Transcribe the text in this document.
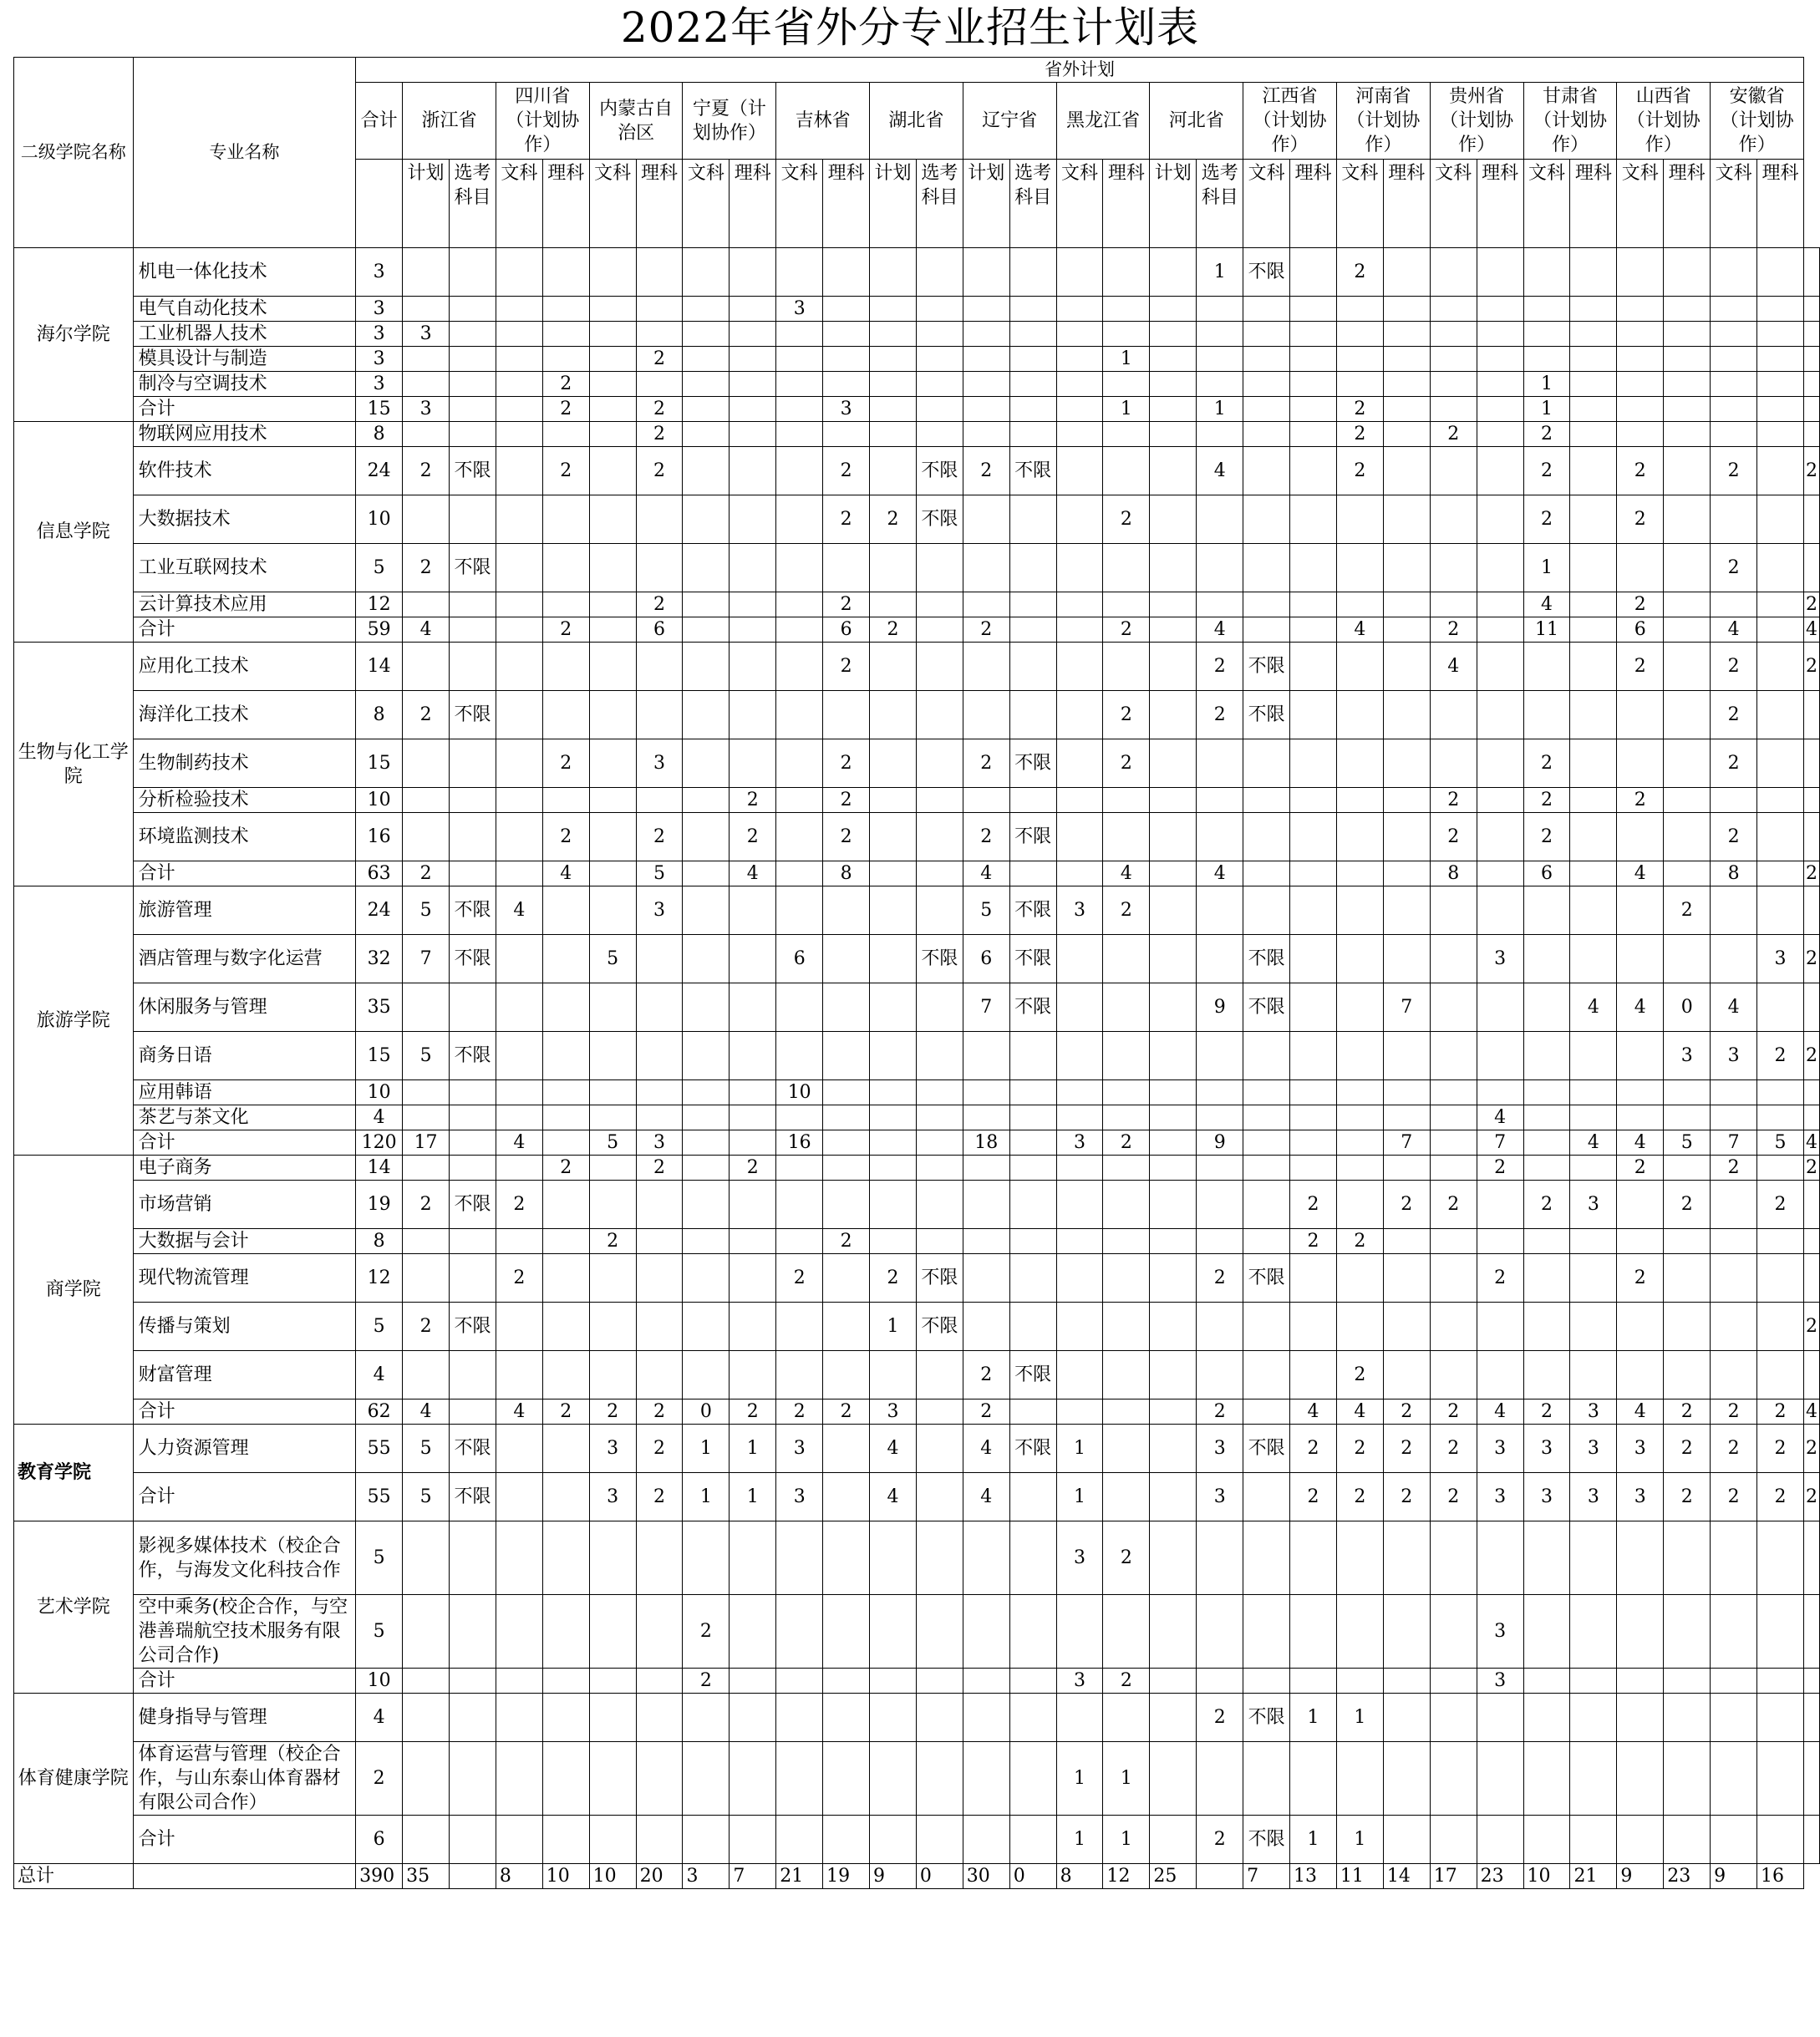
2022年省外分专业招生计划表
二级学院名称	专业名称	省外计划																															
		合计	浙江省		四川省（计划协作）		内蒙古自治区		宁夏（计划协作）		吉林省		湖北省		辽宁省		黑龙江省		河北省		江西省（计划协作）		河南省（计划协作）		贵州省（计划协作）		甘肃省（计划协作）		山西省（计划协作）		安徽省（计划协作）		
			计划	选考科目	文科	理科	文科	理科	文科	理科	文科	理科	计划	选考科目	计划	选考科目	文科	理科	计划	选考科目	文科	理科	文科	理科	文科	理科	文科	理科	文科	理科	文科	理科	
海尔学院	机电一体化技术	3																		1	不限		2										
	电气自动化技术	3									3																						
	工业机器人技术	3	3																														
	模具设计与制造	3						2										1															
	制冷与空调技术	3				2																					1						
	合计	15	3			2		2				3						1		1			2				1						
信息学院	物联网应用技术	8						2															2		2		2						
	软件技术	24	2	不限		2		2				2		不限	2	不限				4			2				2		2		2		2
	大数据技术	10										2	2	不限				2									2		2				
	工业互联网技术	5	2	不限																							1				2		
	云计算技术应用	12						2				2															4		2				2
	合计	59	4			2		6				6	2		2			2		4			4		2		11		6		4		4
生物与化工学院	应用化工技术	14										2								2	不限				4				2		2		2
	海洋化工技术	8	2	不限														2		2	不限										2		
	生物制药技术	15				2		3				2			2	不限		2									2				2		
	分析检验技术	10								2		2													2		2		2				
	环境监测技术	16				2		2		2		2			2	不限									2		2				2		
	合计	63	2			4		5		4		8			4			4		4					8		6		4		8		2
旅游学院	旅游管理	24	5	不限	4			3							5	不限	3	2												2			
	酒店管理与数字化运营	32	7	不限			5				6			不限	6	不限					不限					3						3	2
	休闲服务与管理	35													7	不限				9	不限			7				4	4	0	4		
	商务日语	15	5	不限																										3	3	2	2
	应用韩语	10									10																						
	茶艺与茶文化	4																								4							
	合计	120	17		4		5	3			16				18		3	2		9				7		7		4	4	5	7	5	4
商学院	电子商务	14				2		2		2																2			2		2		2
	市场营销	19	2	不限	2																	2		2	2		2	3		2		2	
	大数据与会计	8					2					2										2	2										
	现代物流管理	12			2						2		2	不限						2	不限					2			2				
	传播与策划	5	2	不限									1	不限																			2
	财富管理	4													2	不限							2										
	合计	62	4		4	2	2	2	0	2	2	2	3		2					2		4	4	2	2	4	2	3	4	2	2	2	4
教育学院	人力资源管理	55	5	不限			3	2	1	1	3		4		4	不限	1			3	不限	2	2	2	2	3	3	3	3	2	2	2	2
	合计	55	5	不限			3	2	1	1	3		4		4		1			3		2	2	2	2	3	3	3	3	2	2	2	2
艺术学院	影视多媒体技术（校企合作，与海发文化科技合作	5															3	2															
	空中乘务(校企合作，与空港善瑞航空技术服务有限公司合作)	5							2																	3							
	合计	10							2								3	2								3							
体育健康学院	健身指导与管理	4																		2	不限	1	1										
	体育运营与管理（校企合作，与山东泰山体育器材有限公司合作）	2															1	1															
	合计	6															1	1		2	不限	1	1										
总计		390	35		8	10	10	20	3	7	21	19	9	0	30	0	8	12	25		7	13	11	14	17	23	10	21	9	23	9	16	
